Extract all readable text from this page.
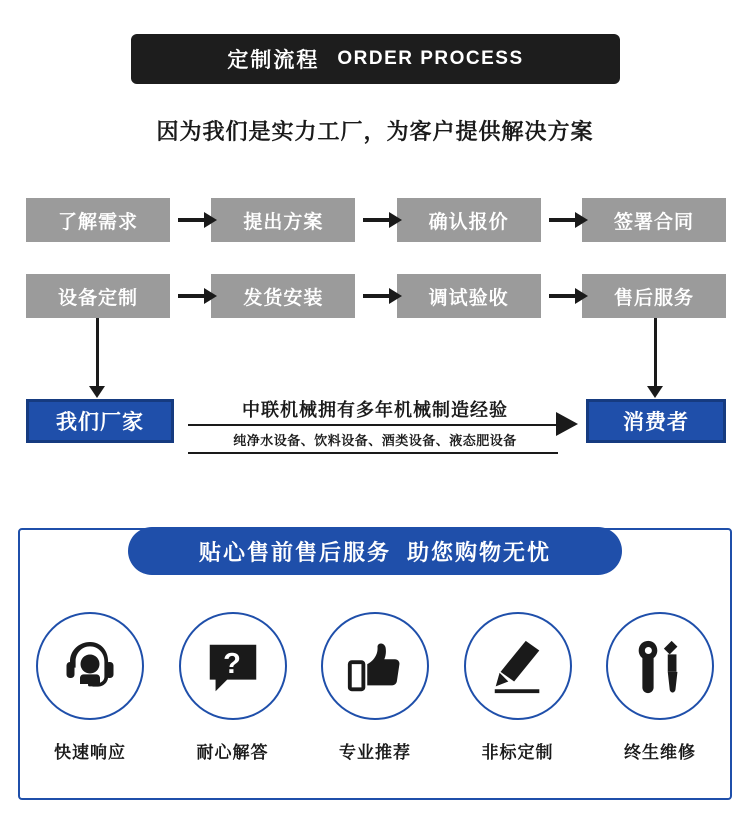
定制流程 ORDER PROCESS
因为我们是实力工厂，为客户提供解决方案
了解需求	提出方案	确认报价	签署合同
设备定制	发货安装	调试验收	售后服务
我们厂家
中联机械拥有多年机械制造经验
纯净水设备、饮料设备、酒类设备、液态肥设备
消费者
贴心售前售后服务 助您购物无忧
快速响应
?
耐心解答	专业推荐	非标定制	终生维修
